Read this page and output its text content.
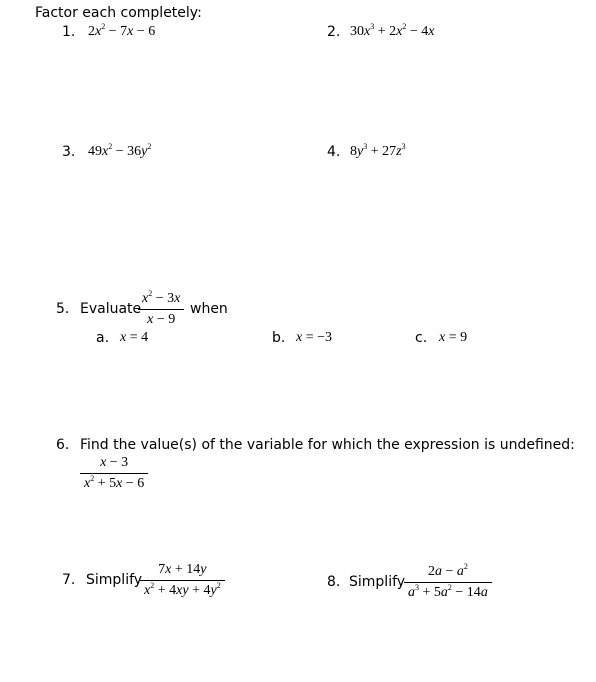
Factor each completely:
1. $2x^2 - 7x - 6$	2. $30x^3 + 2x^2 - 4x$
3. $49x^2 - 36y^2$	4. $8y^3 + 27z^3$
5. Evaluate
$x^2 - 3x$
x − 9
when
a. x = 4	b. x = −3	c. x = 9
6. Find the value(s) of the variable for which the expression is undefined:
x − 3
$x^2 + 5x - 6$
7. Simplify
7x + 14y
$x^2 + 4xy + 4y^2$	8. Simplify
$2a - a^2$
$a^3 + 5a^2 - 14a$
